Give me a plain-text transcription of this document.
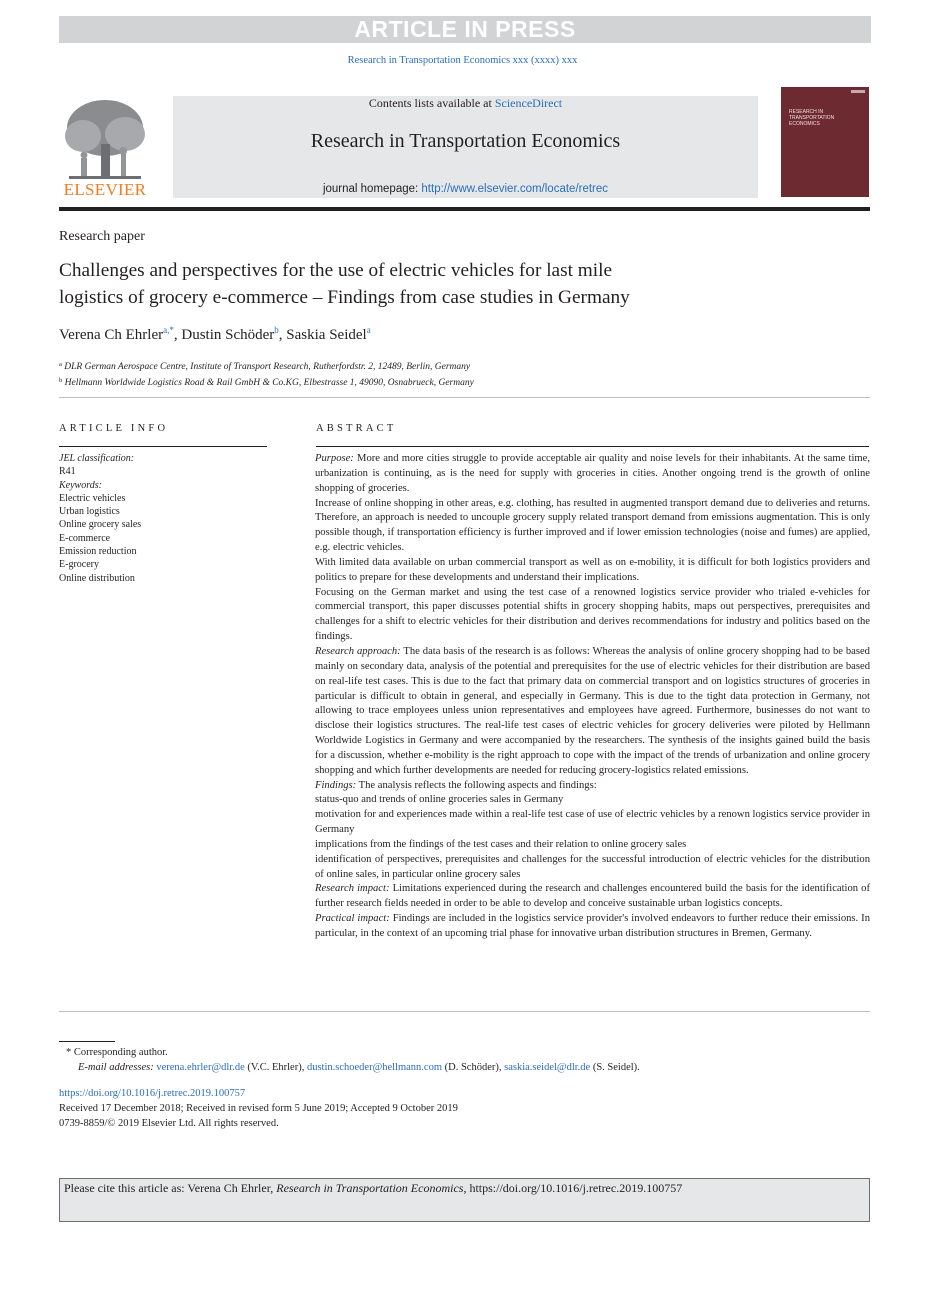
ARTICLE IN PRESS
Research in Transportation Economics xxx (xxxx) xxx
ELSEVIER
Contents lists available at ScienceDirect
Research in Transportation Economics
journal homepage: http://www.elsevier.com/locate/retrec
RESEARCH IN TRANSPORTATION ECONOMICS
Research paper
Challenges and perspectives for the use of electric vehicles for last mile
logistics of grocery e-commerce – Findings from case studies in Germany
Verena Ch Ehrler$^{a,*}$, Dustin Schöder$^b$, Saskia Seidel$^a$
$^a$ DLR German Aerospace Centre, Institute of Transport Research, Rutherfordstr. 2, 12489, Berlin, Germany
$^b$ Hellmann Worldwide Logistics Road & Rail GmbH & Co.KG, Elbestrasse 1, 49090, Osnabrueck, Germany
ARTICLE INFO
JEL classification:
R41
Keywords:
Electric vehicles
Urban logistics
Online grocery sales
E-commerce
Emission reduction
E-grocery
Online distribution
ABSTRACT

Purpose: More and more cities struggle to provide acceptable air quality and noise levels for their inhabitants. At the same time, urbanization is continuing, as is the need for supply with groceries in cities. Another ongoing trend is the growth of online shopping of groceries.

Increase of online shopping in other areas, e.g. clothing, has resulted in augmented transport demand due to deliveries and returns. Therefore, an approach is needed to uncouple grocery supply related transport demand from emissions augmentation. This is only possible though, if transportation efficiency is further improved and if lower emission technologies (noise and fumes) are applied, e.g. electric vehicles.

With limited data available on urban commercial transport as well as on e-mobility, it is difficult for both logistics providers and politics to prepare for these developments and understand their implications.

Focusing on the German market and using the test case of a renowned logistics service provider who trialed e-vehicles for commercial transport, this paper discusses potential shifts in grocery shopping habits, maps out perspectives, prerequisites and challenges for a shift to electric vehicles for their distribution and derives recommendations for industry and politics based on the findings.

Research approach: The data basis of the research is as follows: Whereas the analysis of online grocery shopping had to be based mainly on secondary data, analysis of the potential and prerequisites for the use of electric vehicles for their distribution are based on real-life test cases. This is due to the fact that primary data on commercial transport and on logistics structures of groceries in particular is difficult to obtain in general, and especially in Germany. This is due to the tight data protection in Germany, not allowing to trace employees unless union representatives and employees have agreed. Furthermore, businesses do not want to disclose their logistics structures. The real-life test cases of electric vehicles for grocery deliveries were piloted by Hellmann Worldwide Logistics in Germany and were accompanied by the researchers. The synthesis of the insights gained build the basis for a discussion, whether e-mobility is the right approach to cope with the impact of the trends of urbanization and online grocery shopping and which further developments are needed for reducing grocery-logistics related emissions.

Findings: The analysis reflects the following aspects and findings:

status-quo and trends of online groceries sales in Germany

motivation for and experiences made within a real-life test case of use of electric vehicles by a renown logistics service provider in Germany

implications from the findings of the test cases and their relation to online grocery sales

identification of perspectives, prerequisites and challenges for the successful introduction of electric vehicles for the distribution of online sales, in particular online grocery sales

Research impact: Limitations experienced during the research and challenges encountered build the basis for the identification of further research fields needed in order to be able to develop and conceive sustainable urban logistics concepts.

Practical impact: Findings are included in the logistics service provider's involved endeavors to further reduce their emissions. In particular, in the context of an upcoming trial phase for innovative urban distribution structures in Bremen, Germany.

* Corresponding author.
E-mail addresses: verena.ehrler@dlr.de (V.C. Ehrler), dustin.schoeder@hellmann.com (D. Schöder), saskia.seidel@dlr.de (S. Seidel).
https://doi.org/10.1016/j.retrec.2019.100757
Received 17 December 2018; Received in revised form 5 June 2019; Accepted 9 October 2019
0739-8859/© 2019 Elsevier Ltd. All rights reserved.
Please cite this article as: Verena Ch Ehrler, Research in Transportation Economics, https://doi.org/10.1016/j.retrec.2019.100757
